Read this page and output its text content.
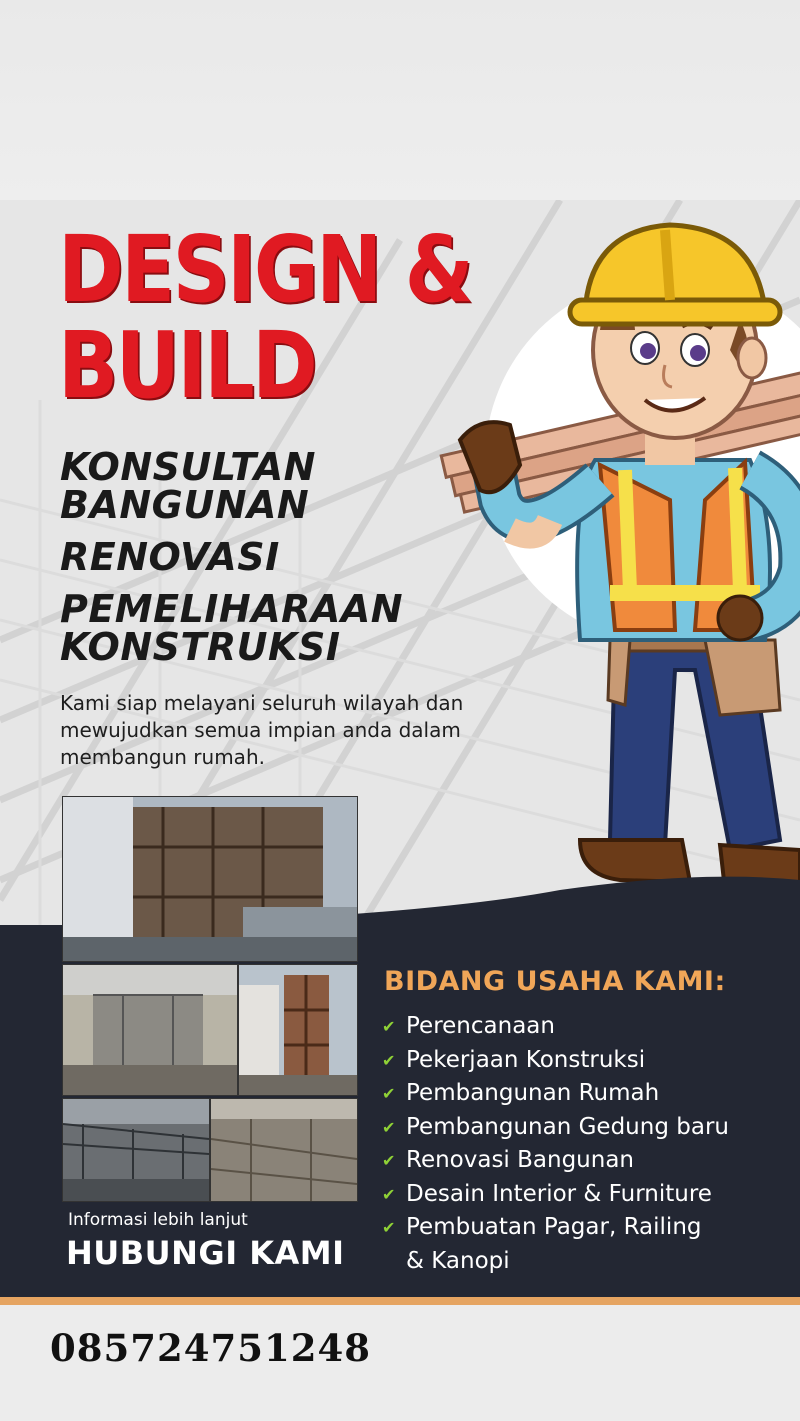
DESIGN &
BUILD
KONSULTAN
BANGUNAN
RENOVASI
PEMELIHARAAN
KONSTRUKSI
Kami siap melayani seluruh wilayah dan
mewujudkan semua impian anda dalam
membangun rumah.
Informasi lebih lanjut
HUBUNGI KAMI
BIDANG USAHA KAMI:
✔ Perencanaan
✔ Pekerjaan Konstruksi
✔ Pembangunan Rumah
✔ Pembangunan Gedung baru
✔ Renovasi Bangunan
✔ Desain Interior & Furniture
✔ Pembuatan Pagar, Railing
& Kanopi
085724751248
